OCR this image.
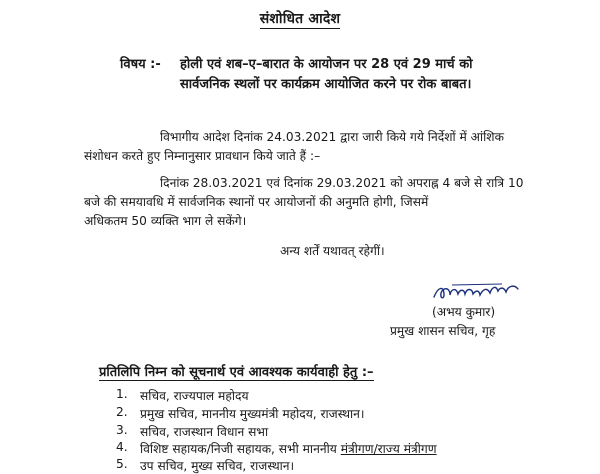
संशोधित आदेश
विषय :- होली एवं शब–ए–बारात के आयोजन पर 28 एवं 29 मार्च को
सार्वजनिक स्थलों पर कार्यक्रम आयोजित करने पर रोक बाबत।
विभागीय आदेश दिनांक 24.03.2021 द्वारा जारी किये गये निर्देशों में आंशिक
संशोधन करते हुए निम्नानुसार प्रावधान किये जाते हैं :–
दिनांक 28.03.2021 एवं दिनांक 29.03.2021 को अपराह्न 4 बजे से रात्रि 10
बजे की समयावधि में सार्वजनिक स्थानों पर आयोजनों की अनुमति होगी, जिसमें
अधिकतम 50 व्यक्ति भाग ले सकेंगे।
अन्य शर्तें यथावत् रहेगीं।
(अभय कुमार)
प्रमुख शासन सचिव, गृह
प्रतिलिपि निम्न को सूचनार्थ एवं आवश्यक कार्यवाही हेतु :–
1. सचिव, राज्यपाल महोदय
2. प्रमुख सचिव, माननीय मुख्यमंत्री महोदय, राजस्थान।
3. सचिव, राजस्थान विधान सभा
4. विशिष्ट सहायक/निजी सहायक, सभी माननीय मंत्रीगण/राज्य मंत्रीगण
5. उप सचिव, मुख्य सचिव, राजस्थान।
